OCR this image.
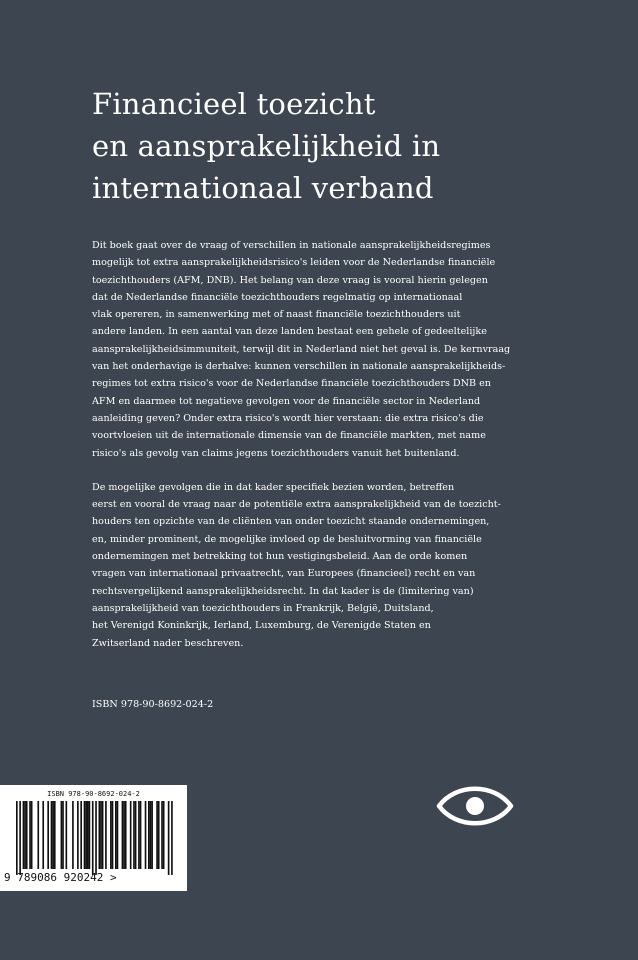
Financieel toezicht
en aansprakelijkheid in
internationaal verband
Dit boek gaat over de vraag of verschillen in nationale aansprakelijkheidsregimes
mogelijk tot extra aansprakelijkheidsrisico's leiden voor de Nederlandse financiële
toezichthouders (AFM, DNB). Het belang van deze vraag is vooral hierin gelegen
dat de Nederlandse financiële toezichthouders regelmatig op internationaal
vlak opereren, in samenwerking met of naast financiële toezichthouders uit
andere landen. In een aantal van deze landen bestaat een gehele of gedeeltelijke
aansprakelijkheidsimmuniteit, terwijl dit in Nederland niet het geval is. De kernvraag
van het onderhavige is derhalve: kunnen verschillen in nationale aansprakelijkheids-
regimes tot extra risico's voor de Nederlandse financiële toezichthouders DNB en
AFM en daarmee tot negatieve gevolgen voor de financiële sector in Nederland
aanleiding geven? Onder extra risico's wordt hier verstaan: die extra risico's die
voortvloeien uit de internationale dimensie van de financiële markten, met name
risico's als gevolg van claims jegens toezichthouders vanuit het buitenland.
De mogelijke gevolgen die in dat kader specifiek bezien worden, betreffen
eerst en vooral de vraag naar de potentiële extra aansprakelijkheid van de toezicht-
houders ten opzichte van de cliënten van onder toezicht staande ondernemingen,
en, minder prominent, de mogelijke invloed op de besluitvorming van financiële
ondernemingen met betrekking tot hun vestigingsbeleid. Aan de orde komen
vragen van internationaal privaatrecht, van Europees (financieel) recht en van
rechtsvergelijkend aansprakelijkheidsrecht. In dat kader is de (limitering van)
aansprakelijkheid van toezichthouders in Frankrijk, België, Duitsland,
het Verenigd Koninkrijk, Ierland, Luxemburg, de Verenigde Staten en
Zwitserland nader beschreven.
ISBN 978-90-8692-024-2
ISBN 978-90-8692-024-2
9 789086 920242 >
